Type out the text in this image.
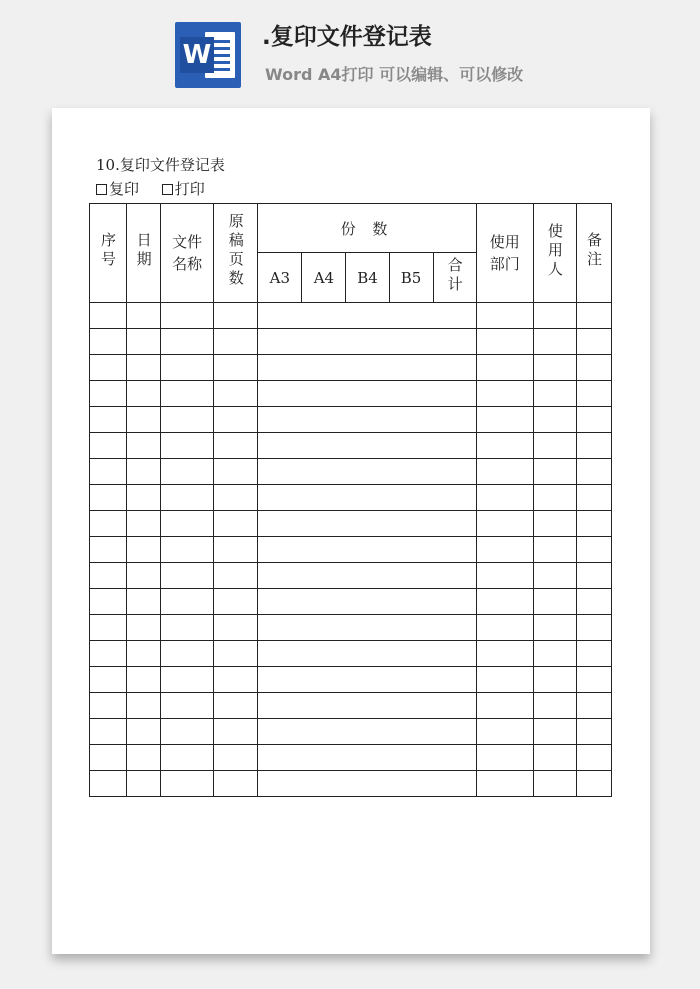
W
.复印文件登记表
Word A4打印 可以编辑、可以修改
10.复印文件登记表
复印
打印
序号	日期	文件名称	原稿页数	份 数					使用部门	使用人	备注
				A3	A4	B4	B5	合计			
